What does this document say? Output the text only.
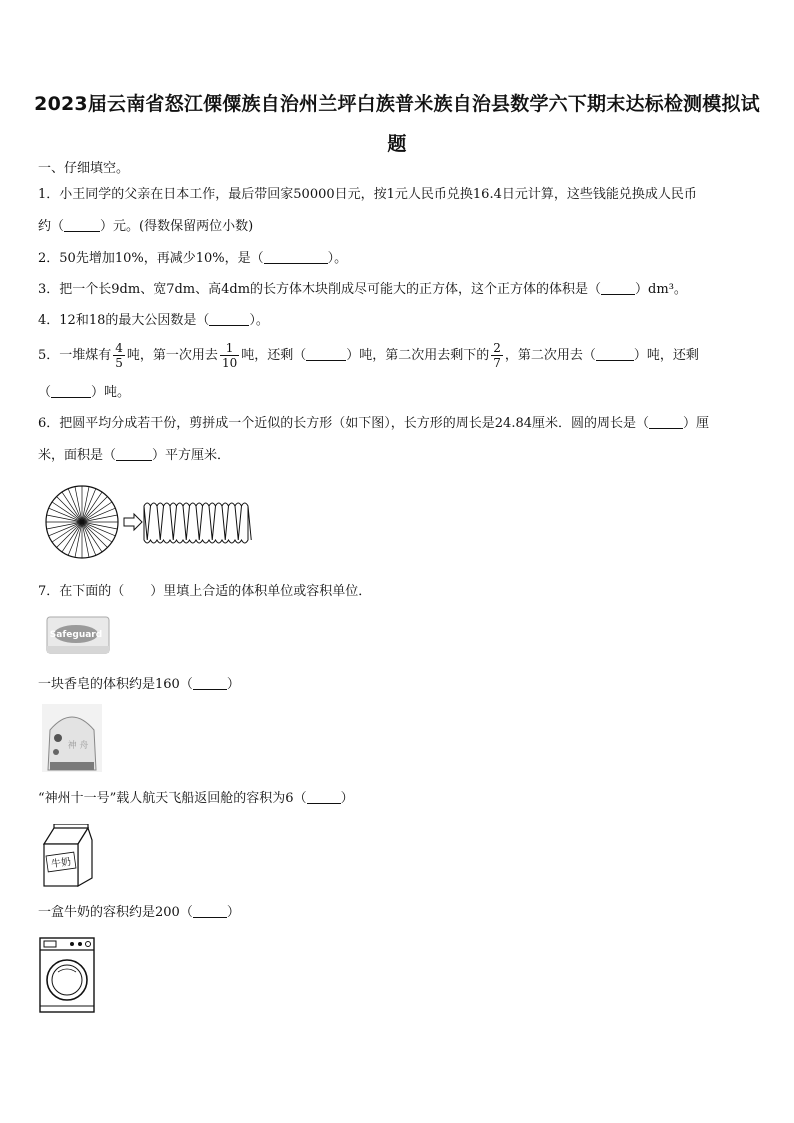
2023届云南省怒江傈僳族自治州兰坪白族普米族自治县数学六下期末达标检测模拟试
题
一、仔细填空。
1．小王同学的父亲在日本工作，最后带回家50000日元，按1元人民币兑换16.4日元计算，这些钱能兑换成人民币
约（	）元。(得数保留两位小数)
2．50先增加10%，再减少10%，是（	）。
3．把一个长9dm、宽7dm、高4dm的长方体木块削成尽可能大的正方体，这个正方体的体积是（	）dm³。
4．12和18的最大公因数是（	）。
5．一堆煤有 $\frac{4}{5}$ 吨，第一次用去 $\frac{1}{10}$ 吨，还剩（	）吨，第二次用去剩下的 $\frac{2}{7}$ ，第二次用去（	）吨，还剩
（	）吨。
6．把圆平均分成若干份，剪拼成一个近似的长方形（如下图），长方形的周长是24.84厘米．圆的周长是（	）厘
米，面积是（	）平方厘米．
7．在下面的（　　）里填上合适的体积单位或容积单位．
Safeguard
一块香皂的体积约是160（	）
神 舟
“神州十一号”载人航天飞船返回舱的容积为6（	）
牛奶
一盒牛奶的容积约是200（	）
